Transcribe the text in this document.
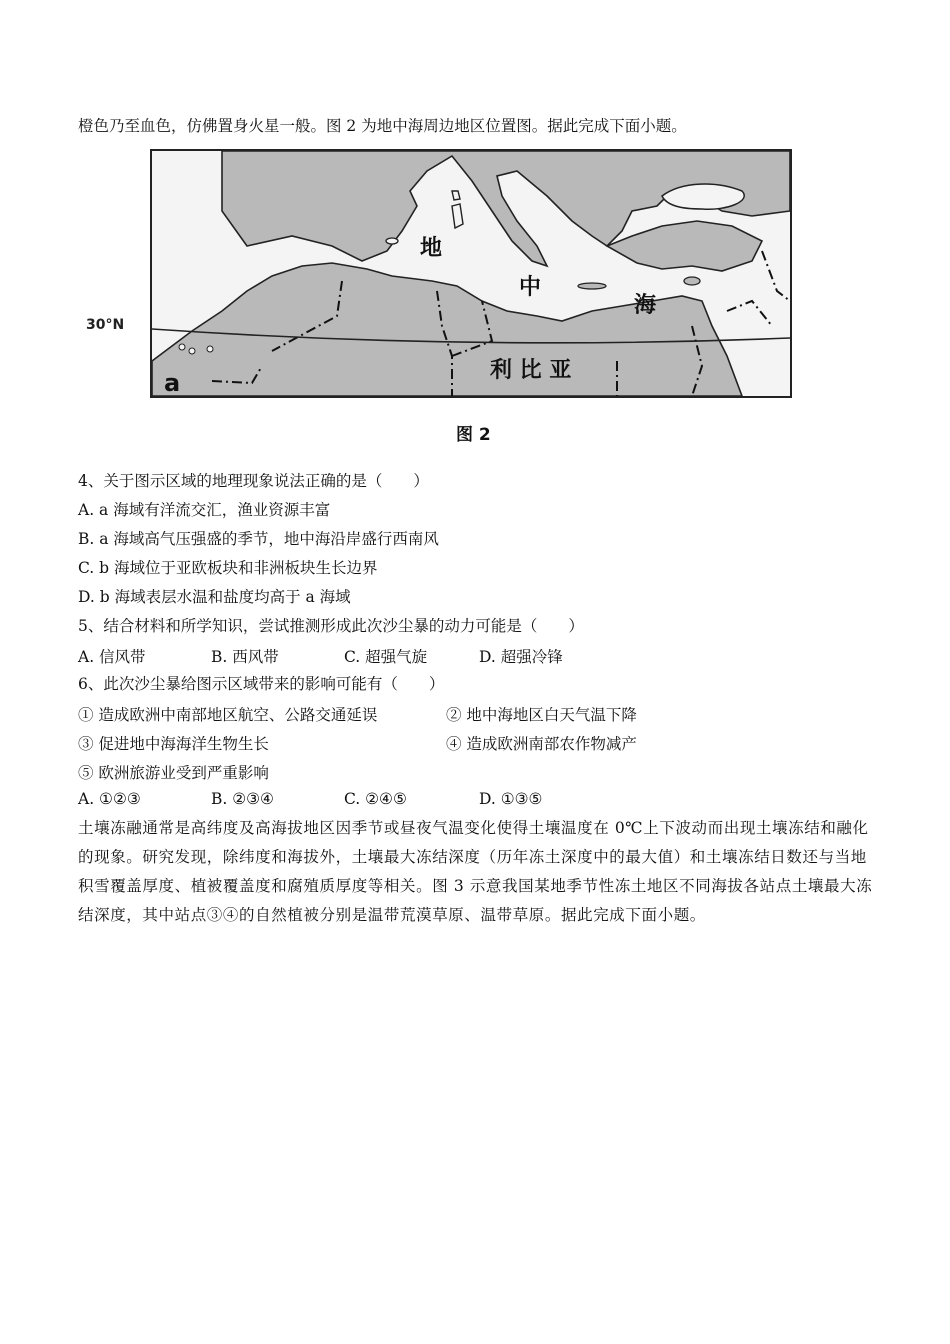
橙色乃至血色，仿佛置身火星一般。图 2 为地中海周边地区位置图。据此完成下面小题。
30°N
地
中
海
利 比 亚
a
图 2
4、关于图示区域的地理现象说法正确的是（　　）
A. a 海域有洋流交汇，渔业资源丰富
B. a 海域高气压强盛的季节，地中海沿岸盛行西南风
C. b 海域位于亚欧板块和非洲板块生长边界
D. b 海域表层水温和盐度均高于 a 海域
5、结合材料和所学知识，尝试推测形成此次沙尘暴的动力可能是（　　）
A. 信风带	B. 西风带	C. 超强气旋	D. 超强冷锋
6、此次沙尘暴给图示区域带来的影响可能有（　　）
① 造成欧洲中南部地区航空、公路交通延误	② 地中海地区白天气温下降
③ 促进地中海海洋生物生长	④ 造成欧洲南部农作物减产
⑤ 欧洲旅游业受到严重影响
A. ①②③	B. ②③④	C. ②④⑤	D. ①③⑤
土壤冻融通常是高纬度及高海拔地区因季节或昼夜气温变化使得土壤温度在 0℃上下波动而出现土壤冻结和融化的现象。研究发现，除纬度和海拔外，土壤最大冻结深度（历年冻土深度中的最大值）和土壤冻结日数还与当地积雪覆盖厚度、植被覆盖度和腐殖质厚度等相关。图 3 示意我国某地季节性冻土地区不同海拔各站点土壤最大冻结深度，其中站点③④的自然植被分别是温带荒漠草原、温带草原。据此完成下面小题。
